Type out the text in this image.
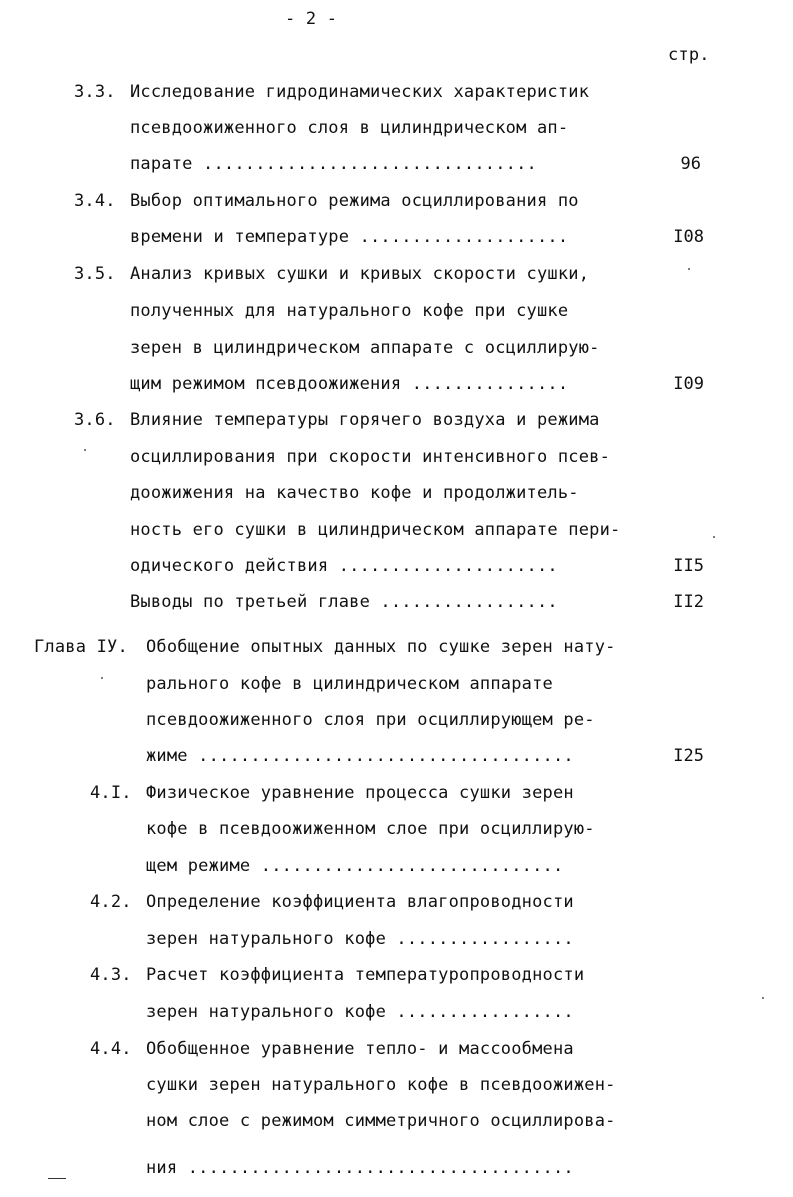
- 2 -
стр.
3.3. Исследование гидродинамических характеристик
псевдоожиженного слоя в цилиндрическом ап-
парате ................................	96
3.4. Выбор оптимального режима осциллирования по
времени и температуре ....................	I08
3.5. Анализ кривых сушки и кривых скорости сушки,
полученных для натурального кофе при сушке
зерен в цилиндрическом аппарате с осциллирую-
щим режимом псевдоожижения ...............	I09
3.6. Влияние температуры горячего воздуха и режима
осциллирования при скорости интенсивного псев-
доожижения на качество кофе и продолжитель-
ность его сушки в цилиндрическом аппарате пери-
одического действия .....................	II5
Выводы по третьей главе .................	II2
Глава IУ. Обобщение опытных данных по сушке зерен нату-
рального кофе в цилиндрическом аппарате
псевдоожиженного слоя при осциллирующем ре-
жиме ....................................	I25
4.I. Физическое уравнение процесса сушки зерен
кофе в псевдоожиженном слое при осциллирую-
щем режиме .............................
4.2. Определение коэффициента влагопроводности
зерен натурального кофе .................
4.3. Расчет коэффициента температуропроводности
зерен натурального кофе .................
4.4. Обобщенное уравнение тепло- и массообмена
сушки зерен натурального кофе в псевдоожижен-
ном слое с режимом симметричного осциллирова-
ния .....................................
